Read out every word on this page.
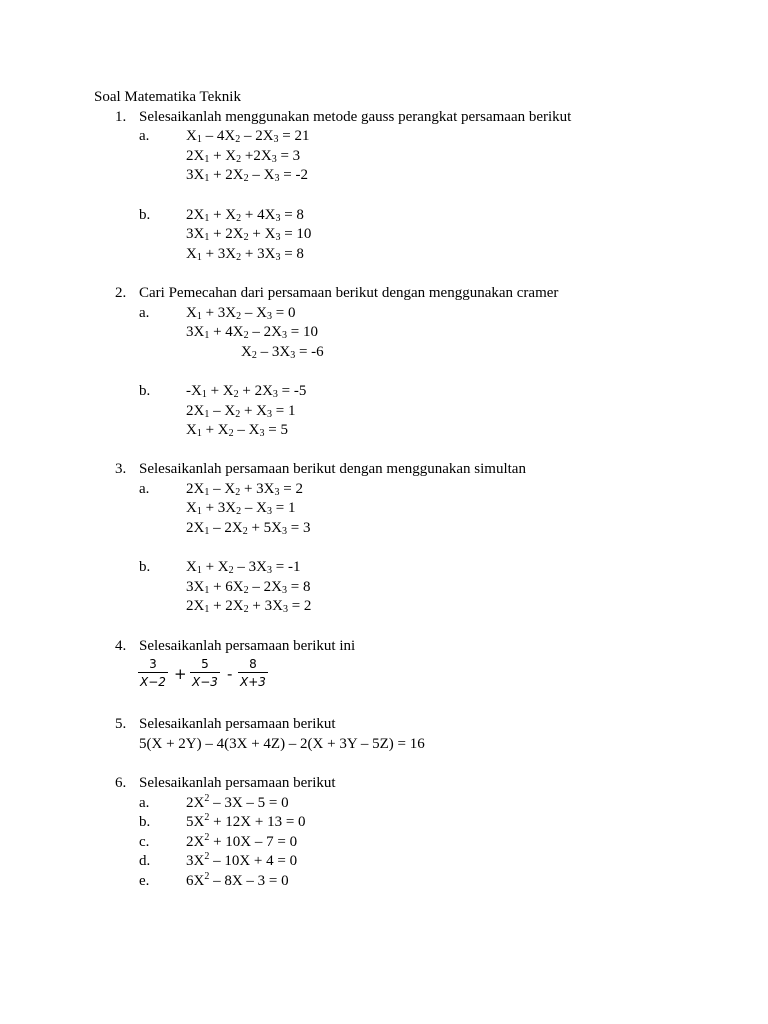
Soal Matematika Teknik
1. Selesaikanlah menggunakan metode gauss perangkat persamaan berikut
a. $X_1 - 4X_2 - 2X_3 = 21$
$2X_1 + X_2 +2X_3 = 3$
$3X_1 + 2X_2 - X_3 = -2$
b. $2X_1 + X_2 + 4X_3 = 8$
$3X_1 + 2X_2 + X_3 = 10$
$X_1 + 3X_2 + 3X_3 = 8$
2. Cari Pemecahan dari persamaan berikut dengan menggunakan cramer
a. $X_1 + 3X_2 - X_3 = 0$
$3X_1 + 4X_2 - 2X_3 = 10$
$X_2 - 3X_3 = -6$
b. $-X_1 + X_2 + 2X_3 = -5$
$2X_1 - X_2 + X_3 = 1$
$X_1 + X_2 - X_3 = 5$
3. Selesaikanlah persamaan berikut dengan menggunakan simultan
a. $2X_1 - X_2 + 3X_3 = 2$
$X_1 + 3X_2 - X_3 = 1$
$2X_1 - 2X_2 + 5X_3 = 3$
b. $X_1 + X_2 - 3X_3 = -1$
$3X_1 + 6X_2 - 2X_3 = 8$
$2X_1 + 2X_2 + 3X_3 = 2$
4. Selesaikanlah persamaan berikut ini
$\frac{3}{X-2} + \frac{5}{X-3} - \frac{8}{X+3}$
5. Selesaikanlah persamaan berikut
5(X + 2Y) – 4(3X + 4Z) – 2(X + 3Y – 5Z) = 16
6. Selesaikanlah persamaan berikut
a. $2X^2 - 3X - 5 = 0$
b. $5X^2 + 12X + 13 = 0$
c. $2X^2 + 10X - 7 = 0$
d. $3X^2 - 10X + 4 = 0$
e. $6X^2 - 8X - 3 = 0$
